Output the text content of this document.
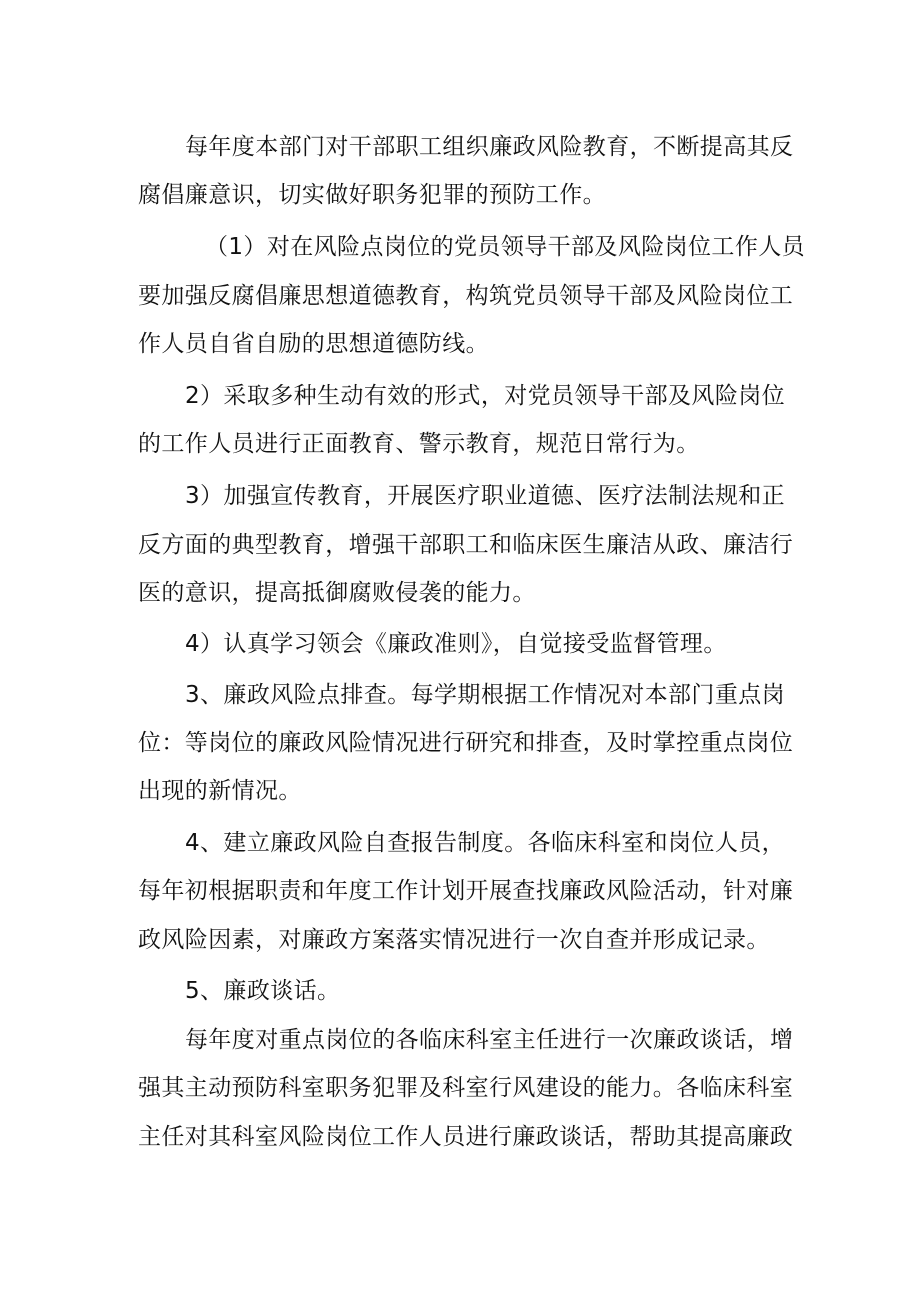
每年度本部门对干部职工组织廉政风险教育，不断提高其反
腐倡廉意识，切实做好职务犯罪的预防工作。
（1）对在风险点岗位的党员领导干部及风险岗位工作人员
要加强反腐倡廉思想道德教育，构筑党员领导干部及风险岗位工
作人员自省自励的思想道德防线。
2）采取多种生动有效的形式，对党员领导干部及风险岗位
的工作人员进行正面教育、警示教育，规范日常行为。
3）加强宣传教育，开展医疗职业道德、医疗法制法规和正
反方面的典型教育，增强干部职工和临床医生廉洁从政、廉洁行
医的意识，提高抵御腐败侵袭的能力。
4）认真学习领会《廉政准则》，自觉接受监督管理。
3、廉政风险点排查。每学期根据工作情况对本部门重点岗
位：等岗位的廉政风险情况进行研究和排查，及时掌控重点岗位
出现的新情况。
4、建立廉政风险自查报告制度。各临床科室和岗位人员，
每年初根据职责和年度工作计划开展查找廉政风险活动，针对廉
政风险因素，对廉政方案落实情况进行一次自查并形成记录。
5、廉政谈话。
每年度对重点岗位的各临床科室主任进行一次廉政谈话，增
强其主动预防科室职务犯罪及科室行风建设的能力。各临床科室
主任对其科室风险岗位工作人员进行廉政谈话，帮助其提高廉政
